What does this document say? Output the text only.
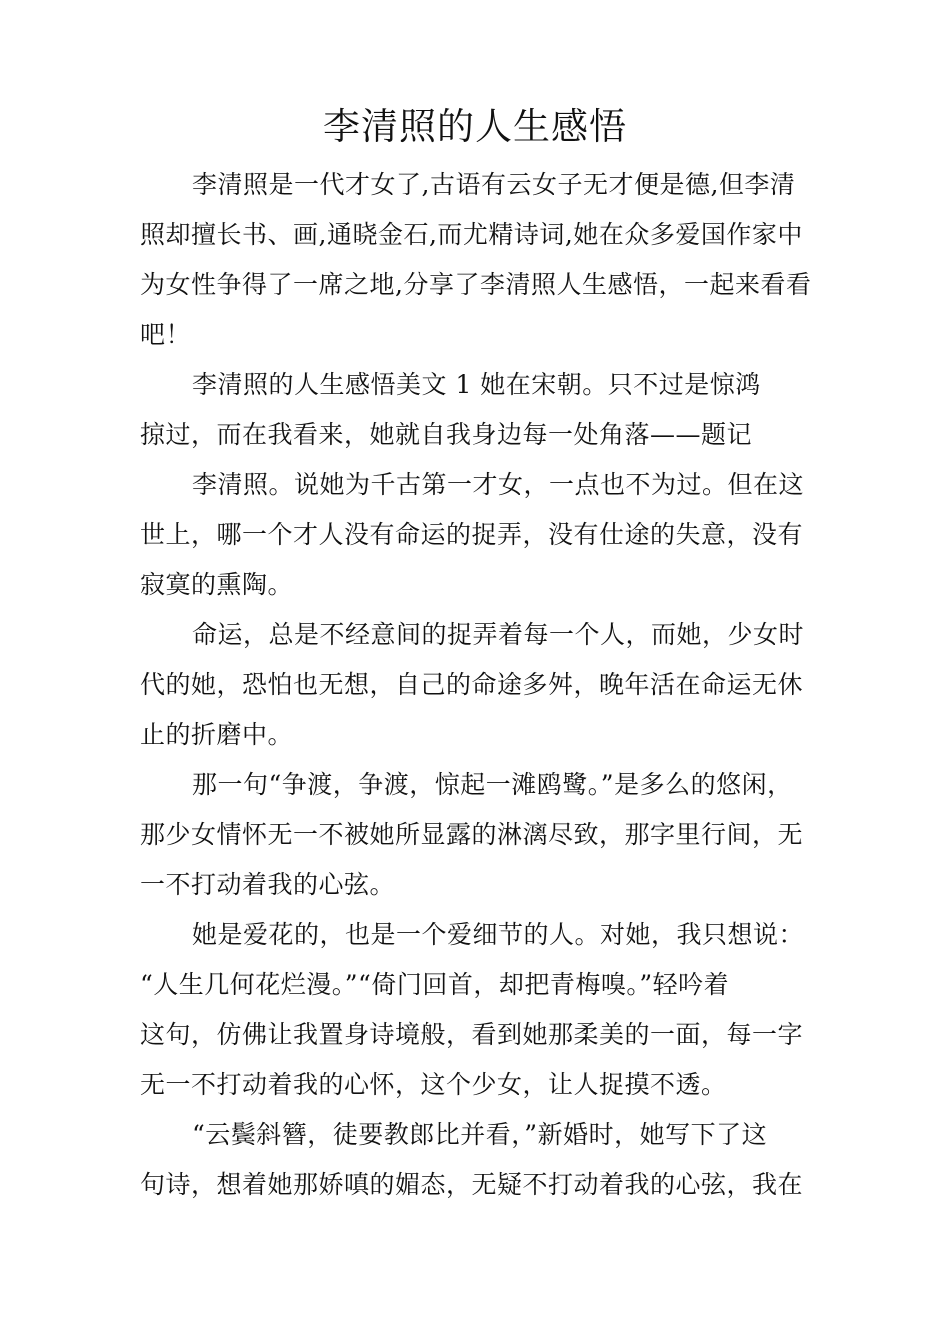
李清照的人生感悟
李清照是一代才女了,古语有云女子无才便是德,但李清
照却擅长书、画,通晓金石,而尤精诗词,她在众多爱国作家中
为女性争得了一席之地,分享了李清照人生感悟，一起来看看
吧！
李清照的人生感悟美文 1 她在宋朝。只不过是惊鸿
掠过，而在我看来，她就自我身边每一处角落——题记
李清照。说她为千古第一才女，一点也不为过。但在这
世上，哪一个才人没有命运的捉弄，没有仕途的失意，没有
寂寞的熏陶。
命运，总是不经意间的捉弄着每一个人，而她，少女时
代的她，恐怕也无想，自己的命途多舛，晚年活在命运无休
止的折磨中。
那一句“争渡，争渡，惊起一滩鸥鹭。”是多么的悠闲，
那少女情怀无一不被她所显露的淋漓尽致，那字里行间，无
一不打动着我的心弦。
她是爱花的，也是一个爱细节的人。对她，我只想说：
“人生几何花烂漫。”“倚门回首，却把青梅嗅。”轻吟着
这句，仿佛让我置身诗境般，看到她那柔美的一面，每一字
无一不打动着我的心怀，这个少女，让人捉摸不透。
“云鬓斜簪，徒要教郎比并看，”新婚时，她写下了这
句诗，想着她那娇嗔的媚态，无疑不打动着我的心弦，我在
